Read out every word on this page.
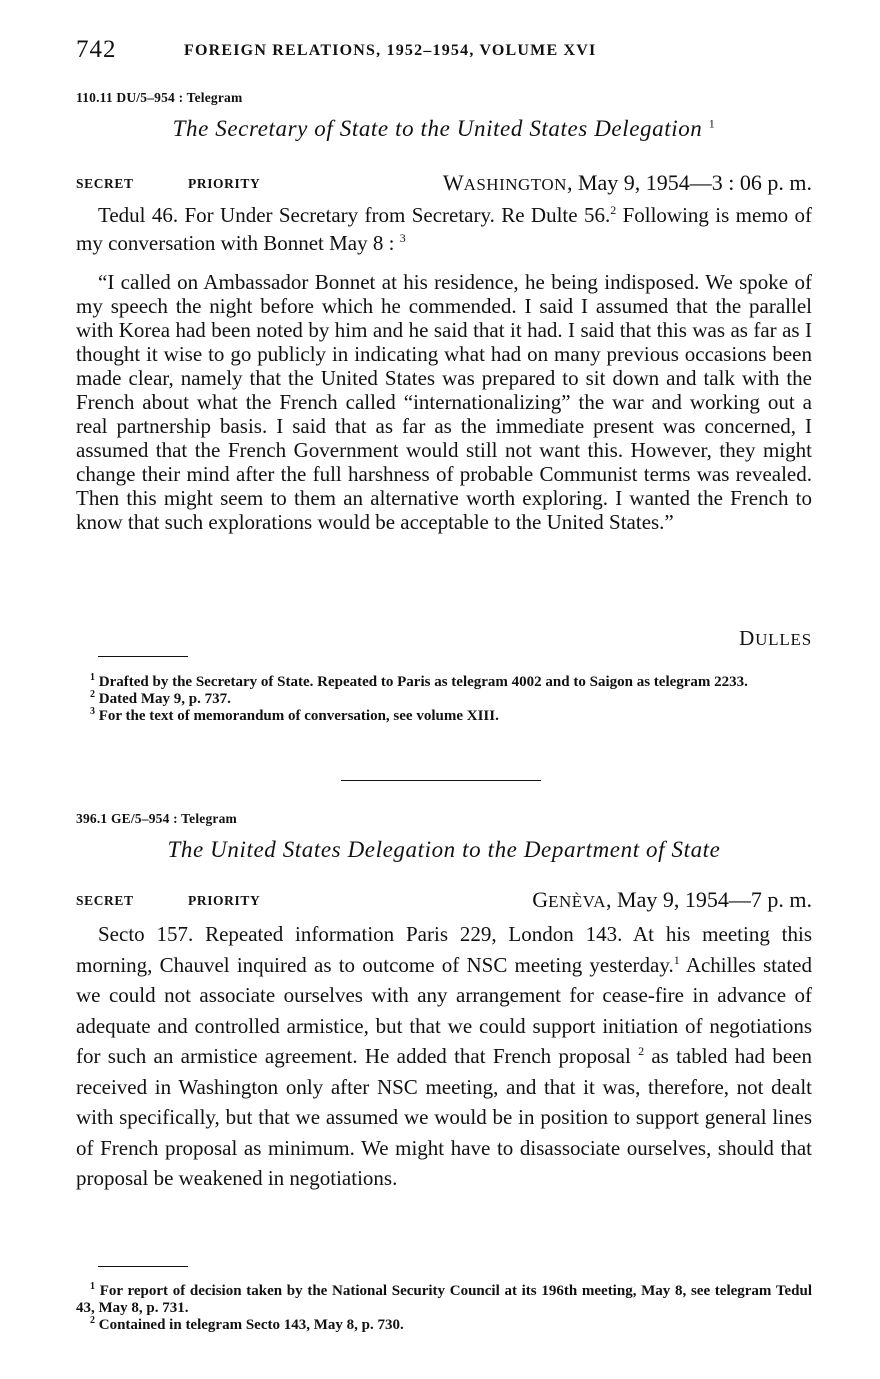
742	FOREIGN RELATIONS, 1952–1954, VOLUME XVI
110.11 DU/5–954 : Telegram
The Secretary of State to the United States Delegation $^1$
SECRET	PRIORITY	WASHINGTON, May 9, 1954—3 : 06 p. m.

Tedul 46. For Under Secretary from Secretary. Re Dulte 56.$^2$ Following is memo of my conversation with Bonnet May 8 : $^3$

“I called on Ambassador Bonnet at his residence, he being indisposed. We spoke of my speech the night before which he commended. I said I assumed that the parallel with Korea had been noted by him and he said that it had. I said that this was as far as I thought it wise to go publicly in indicating what had on many previous occasions been made clear, namely that the United States was prepared to sit down and talk with the French about what the French called “internationalizing” the war and working out a real partnership basis. I said that as far as the immediate present was concerned, I assumed that the French Government would still not want this. However, they might change their mind after the full harshness of probable Communist terms was revealed. Then this might seem to them an alternative worth exploring. I wanted the French to know that such explorations would be acceptable to the United States.”

DULLES
$^1$ Drafted by the Secretary of State. Repeated to Paris as telegram 4002 and to Saigon as telegram 2233.
$^2$ Dated May 9, p. 737.
$^3$ For the text of memorandum of conversation, see volume XIII.
396.1 GE/5–954 : Telegram
The United States Delegation to the Department of State
SECRET	PRIORITY	GENÈVA, May 9, 1954—7 p. m.

Secto 157. Repeated information Paris 229, London 143. At his meeting this morning, Chauvel inquired as to outcome of NSC meeting yesterday.$^1$ Achilles stated we could not associate ourselves with any arrangement for cease-fire in advance of adequate and controlled armistice, but that we could support initiation of negotiations for such an armistice agreement. He added that French proposal $^2$ as tabled had been received in Washington only after NSC meeting, and that it was, therefore, not dealt with specifically, but that we assumed we would be in position to support general lines of French proposal as minimum. We might have to disassociate ourselves, should that proposal be weakened in negotiations.

$^1$ For report of decision taken by the National Security Council at its 196th meeting, May 8, see telegram Tedul 43, May 8, p. 731.
$^2$ Contained in telegram Secto 143, May 8, p. 730.
